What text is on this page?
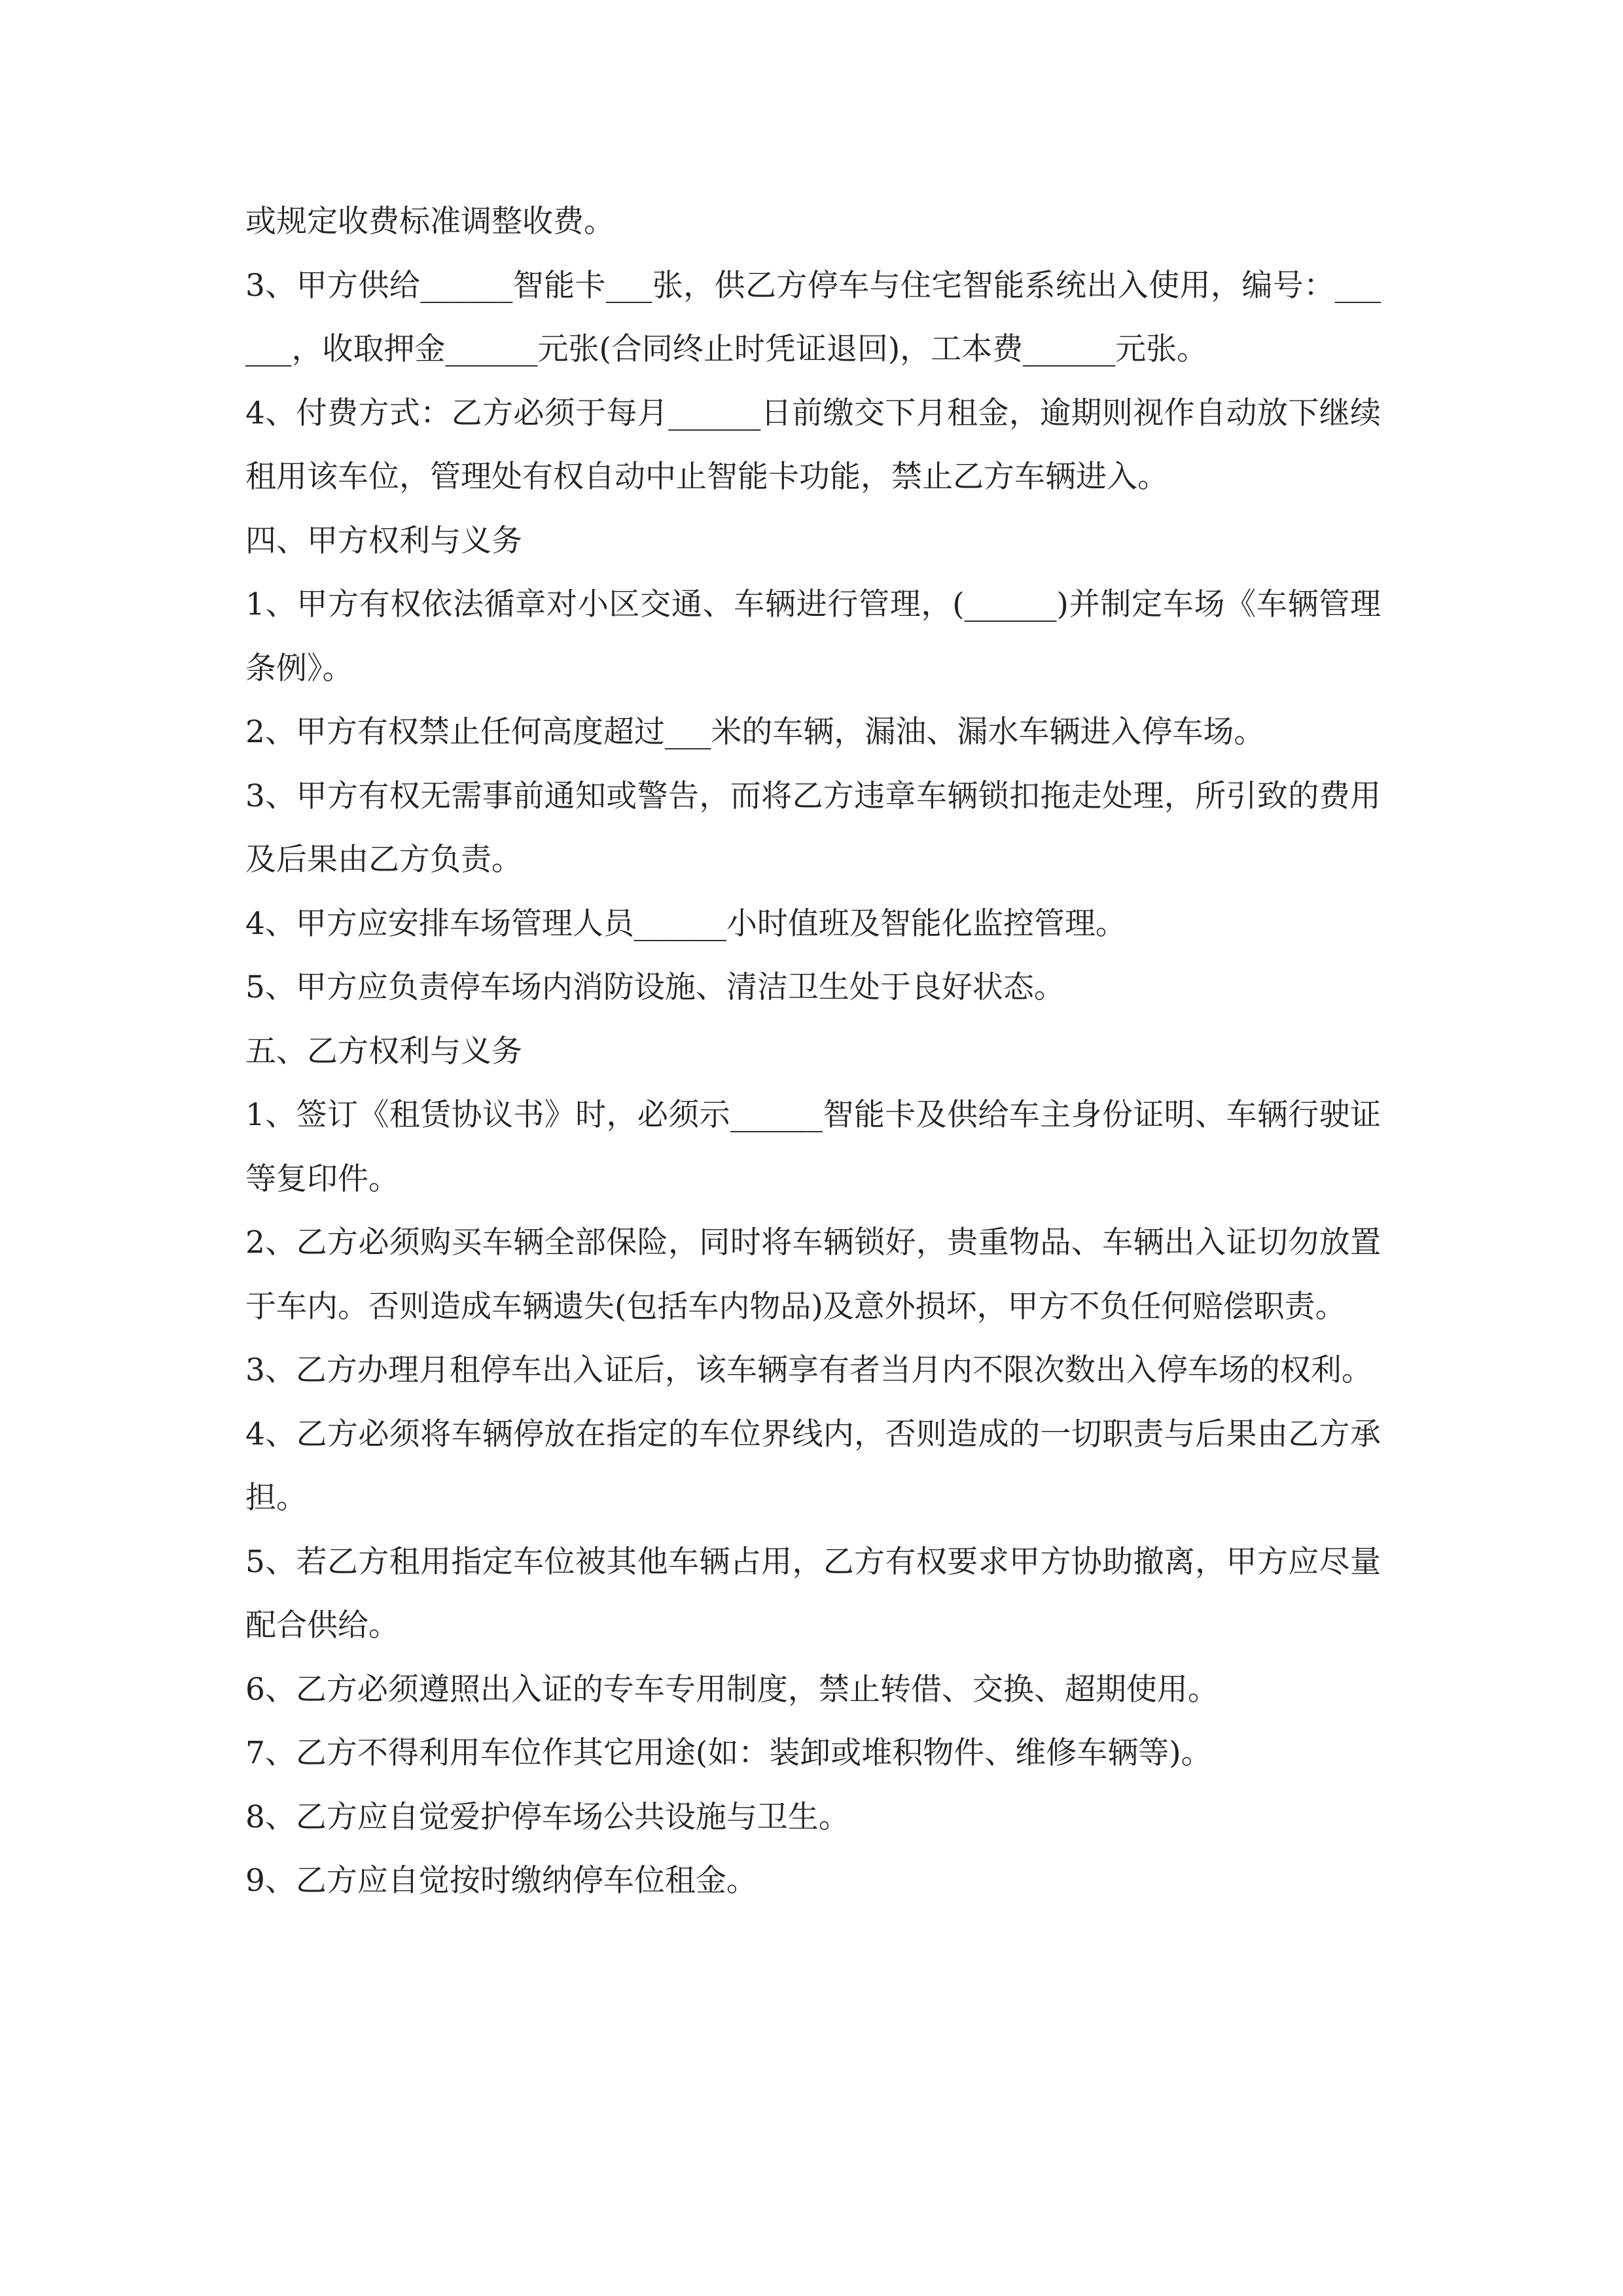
或规定收费标准调整收费。

3、甲方供给______智能卡___张，供乙方停车与住宅智能系统出入使用，编号：______，收取押金______元张(合同终止时凭证退回)，工本费______元张。

4、付费方式：乙方必须于每月______日前缴交下月租金，逾期则视作自动放下继续租用该车位，管理处有权自动中止智能卡功能，禁止乙方车辆进入。

四、甲方权利与义务

1、甲方有权依法循章对小区交通、车辆进行管理，(______)并制定车场《车辆管理条例》。

2、甲方有权禁止任何高度超过___米的车辆，漏油、漏水车辆进入停车场。

3、甲方有权无需事前通知或警告，而将乙方违章车辆锁扣拖走处理，所引致的费用及后果由乙方负责。

4、甲方应安排车场管理人员______小时值班及智能化监控管理。

5、甲方应负责停车场内消防设施、清洁卫生处于良好状态。

五、乙方权利与义务

1、签订《租赁协议书》时，必须示______智能卡及供给车主身份证明、车辆行驶证等复印件。

2、乙方必须购买车辆全部保险，同时将车辆锁好，贵重物品、车辆出入证切勿放置于车内。否则造成车辆遗失(包括车内物品)及意外损坏，甲方不负任何赔偿职责。

3、乙方办理月租停车出入证后，该车辆享有者当月内不限次数出入停车场的权利。

4、乙方必须将车辆停放在指定的车位界线内，否则造成的一切职责与后果由乙方承担。

5、若乙方租用指定车位被其他车辆占用，乙方有权要求甲方协助撤离，甲方应尽量配合供给。

6、乙方必须遵照出入证的专车专用制度，禁止转借、交换、超期使用。

7、乙方不得利用车位作其它用途(如：装卸或堆积物件、维修车辆等)。

8、乙方应自觉爱护停车场公共设施与卫生。

9、乙方应自觉按时缴纳停车位租金。
